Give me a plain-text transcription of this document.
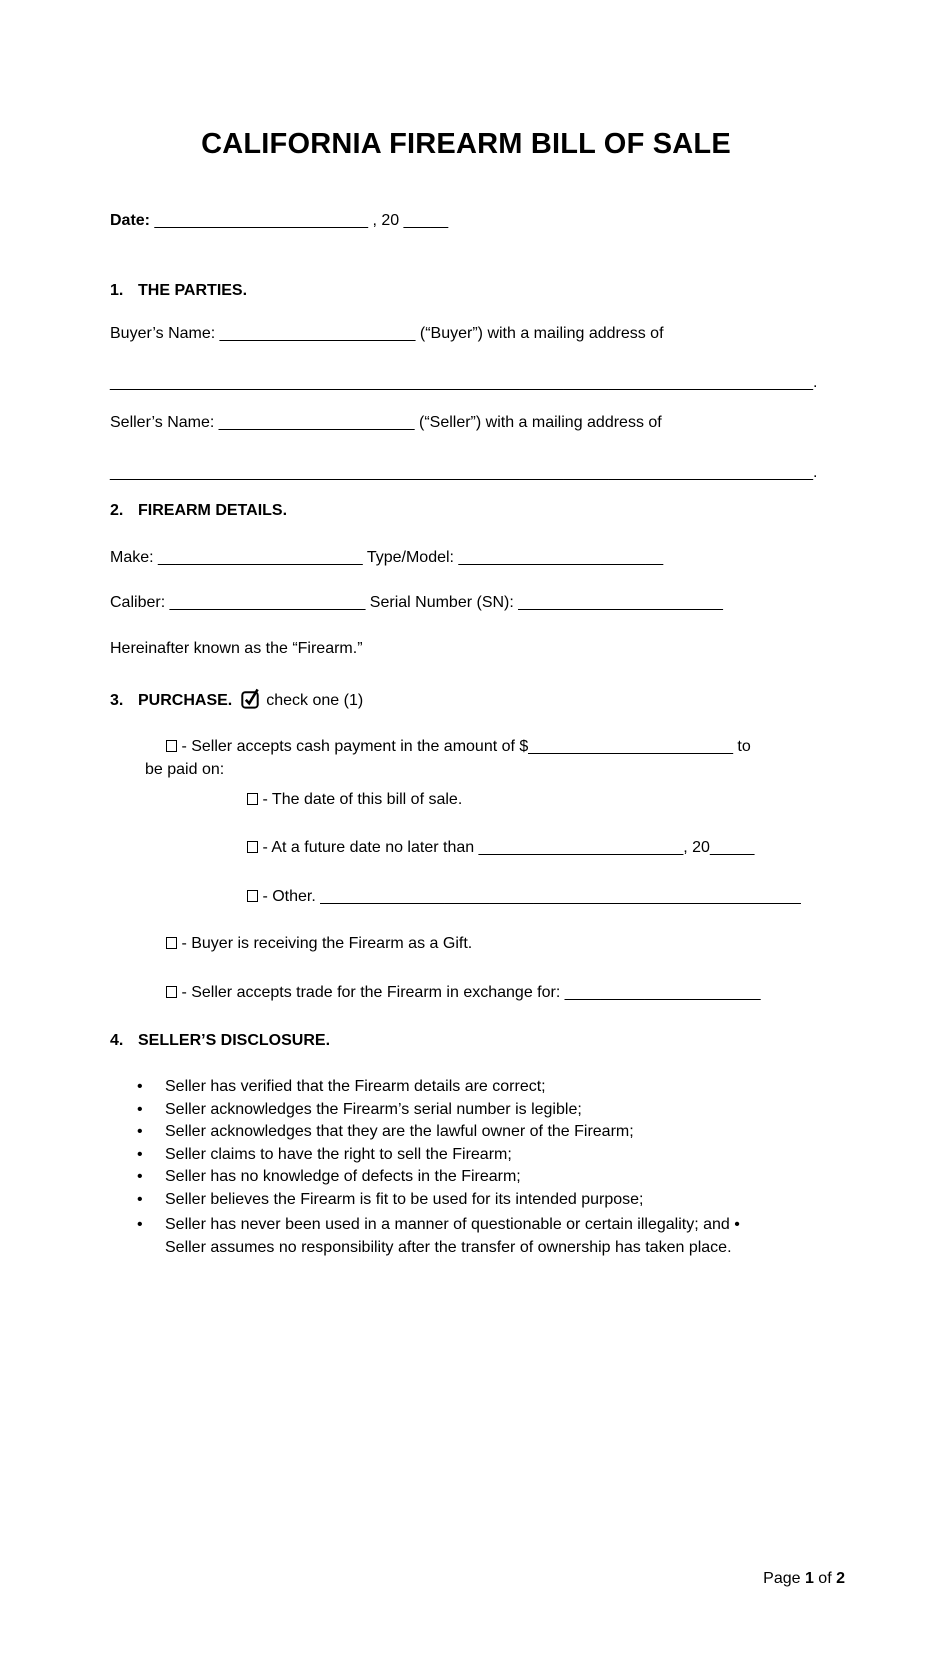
CALIFORNIA FIREARM BILL OF SALE
Date: ________________________ , 20 _____
1. THE PARTIES.
Buyer’s Name: ______________________ (“Buyer”) with a mailing address of
_______________________________________________________________________________.
Seller’s Name: ______________________ (“Seller”) with a mailing address of
_______________________________________________________________________________.
2. FIREARM DETAILS.
Make: _______________________ Type/Model: _______________________
Caliber: ______________________ Serial Number (SN): _______________________
Hereinafter known as the “Firearm.”
3. PURCHASE. check one (1)
- Seller accepts cash payment in the amount of $_______________________ to
be paid on:
- The date of this bill of sale.
- At a future date no later than _______________________, 20_____
- Other. ______________________________________________________
- Buyer is receiving the Firearm as a Gift.
- Seller accepts trade for the Firearm in exchange for: ______________________
4. SELLER’S DISCLOSURE.
• Seller has verified that the Firearm details are correct;
• Seller acknowledges the Firearm’s serial number is legible;
• Seller acknowledges that they are the lawful owner of the Firearm;
• Seller claims to have the right to sell the Firearm;
• Seller has no knowledge of defects in the Firearm;
• Seller believes the Firearm is fit to be used for its intended purpose;
• Seller has never been used in a manner of questionable or certain illegality; and •
Seller assumes no responsibility after the transfer of ownership has taken place.
Page 1 of 2
